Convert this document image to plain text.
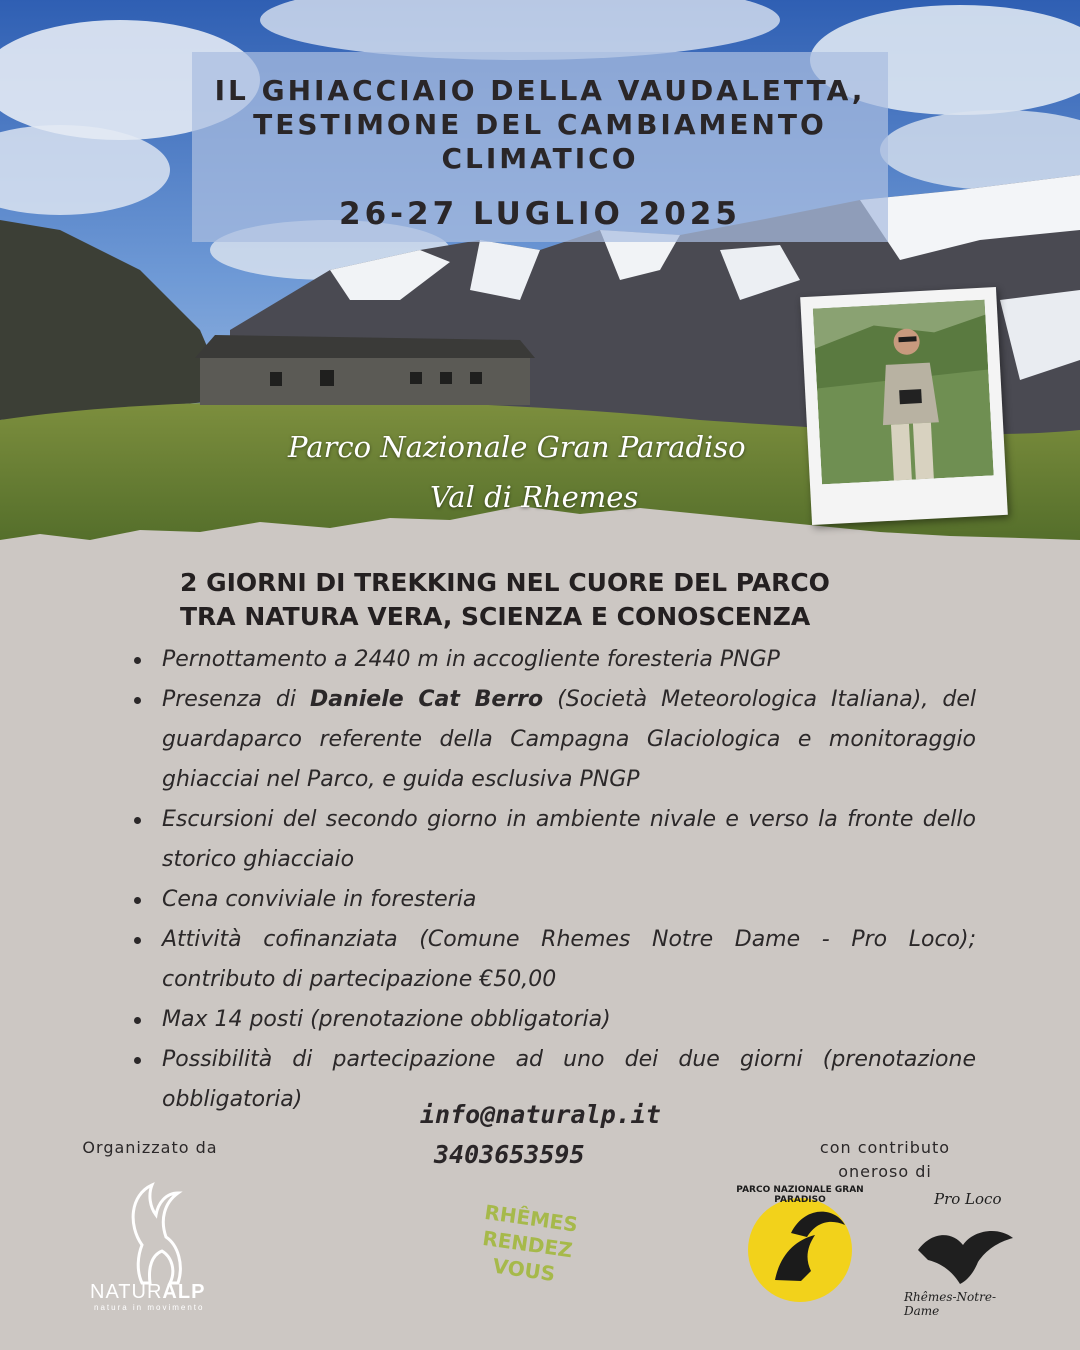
IL GHIACCIAIO DELLA VAUDALETTA,
TESTIMONE DEL CAMBIAMENTO
CLIMATICO
26-27 LUGLIO 2025
Parco Nazionale Gran Paradiso
Val di Rhemes
2 GIORNI DI TREKKING NEL CUORE DEL PARCO
TRA NATURA VERA, SCIENZA E CONOSCENZA
Pernottamento a 2440 m in accogliente foresteria PNGP
Presenza di Daniele Cat Berro (Società Meteorologica Italiana), del guardaparco referente della Campagna Glaciologica e monitoraggio ghiacciai nel Parco, e guida esclusiva PNGP
Escursioni del secondo giorno in ambiente nivale e verso la fronte dello storico ghiacciaio
Cena conviviale in foresteria
Attività cofinanziata (Comune Rhemes Notre Dame - Pro Loco); contributo di partecipazione €50,00
Max 14 posti (prenotazione obbligatoria)
Possibilità di partecipazione ad uno dei due giorni (prenotazione obbligatoria)
info@naturalp.it
3403653595
Organizzato da	con contributo
oneroso di
NATURALP
natura in movimento
RHÊMES
RENDEZ
VOUS
PARCO NAZIONALE GRAN PARADISO	Pro Loco
Rhêmes-Notre-Dame
